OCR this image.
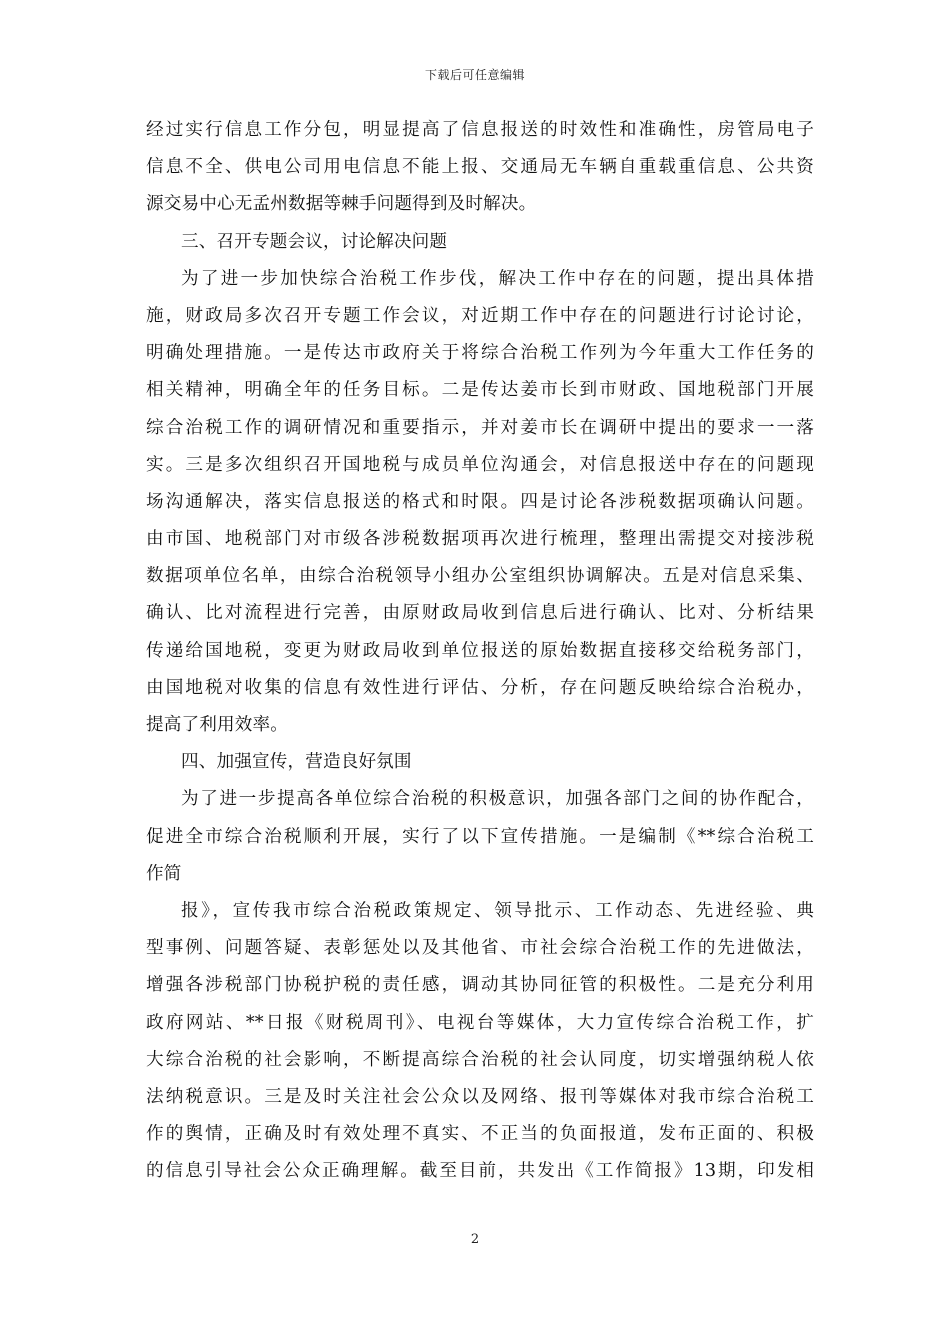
下载后可任意编辑
经过实行信息工作分包，明显提高了信息报送的时效性和准确性，房管局电子
信息不全、供电公司用电信息不能上报、交通局无车辆自重载重信息、公共资
源交易中心无孟州数据等棘手问题得到及时解决。
三、召开专题会议，讨论解决问题
为了进一步加快综合治税工作步伐，解决工作中存在的问题，提出具体措
施，财政局多次召开专题工作会议，对近期工作中存在的问题进行讨论讨论，
明确处理措施。一是传达市政府关于将综合治税工作列为今年重大工作任务的
相关精神，明确全年的任务目标。二是传达姜市长到市财政、国地税部门开展
综合治税工作的调研情况和重要指示，并对姜市长在调研中提出的要求一一落
实。三是多次组织召开国地税与成员单位沟通会，对信息报送中存在的问题现
场沟通解决，落实信息报送的格式和时限。四是讨论各涉税数据项确认问题。
由市国、地税部门对市级各涉税数据项再次进行梳理，整理出需提交对接涉税
数据项单位名单，由综合治税领导小组办公室组织协调解决。五是对信息采集、
确认、比对流程进行完善，由原财政局收到信息后进行确认、比对、分析结果
传递给国地税，变更为财政局收到单位报送的原始数据直接移交给税务部门，
由国地税对收集的信息有效性进行评估、分析，存在问题反映给综合治税办，
提高了利用效率。
四、加强宣传，营造良好氛围
为了进一步提高各单位综合治税的积极意识，加强各部门之间的协作配合，
促进全市综合治税顺利开展，实行了以下宣传措施。一是编制《**综合治税工
作简
报》，宣传我市综合治税政策规定、领导批示、工作动态、先进经验、典
型事例、问题答疑、表彰惩处以及其他省、市社会综合治税工作的先进做法，
增强各涉税部门协税护税的责任感，调动其协同征管的积极性。二是充分利用
政府网站、**日报《财税周刊》、电视台等媒体，大力宣传综合治税工作，扩
大综合治税的社会影响，不断提高综合治税的社会认同度，切实增强纳税人依
法纳税意识。三是及时关注社会公众以及网络、报刊等媒体对我市综合治税工
作的舆情，正确及时有效处理不真实、不正当的负面报道，发布正面的、积极
的信息引导社会公众正确理解。截至目前，共发出《工作简报》13期，印发相
2
